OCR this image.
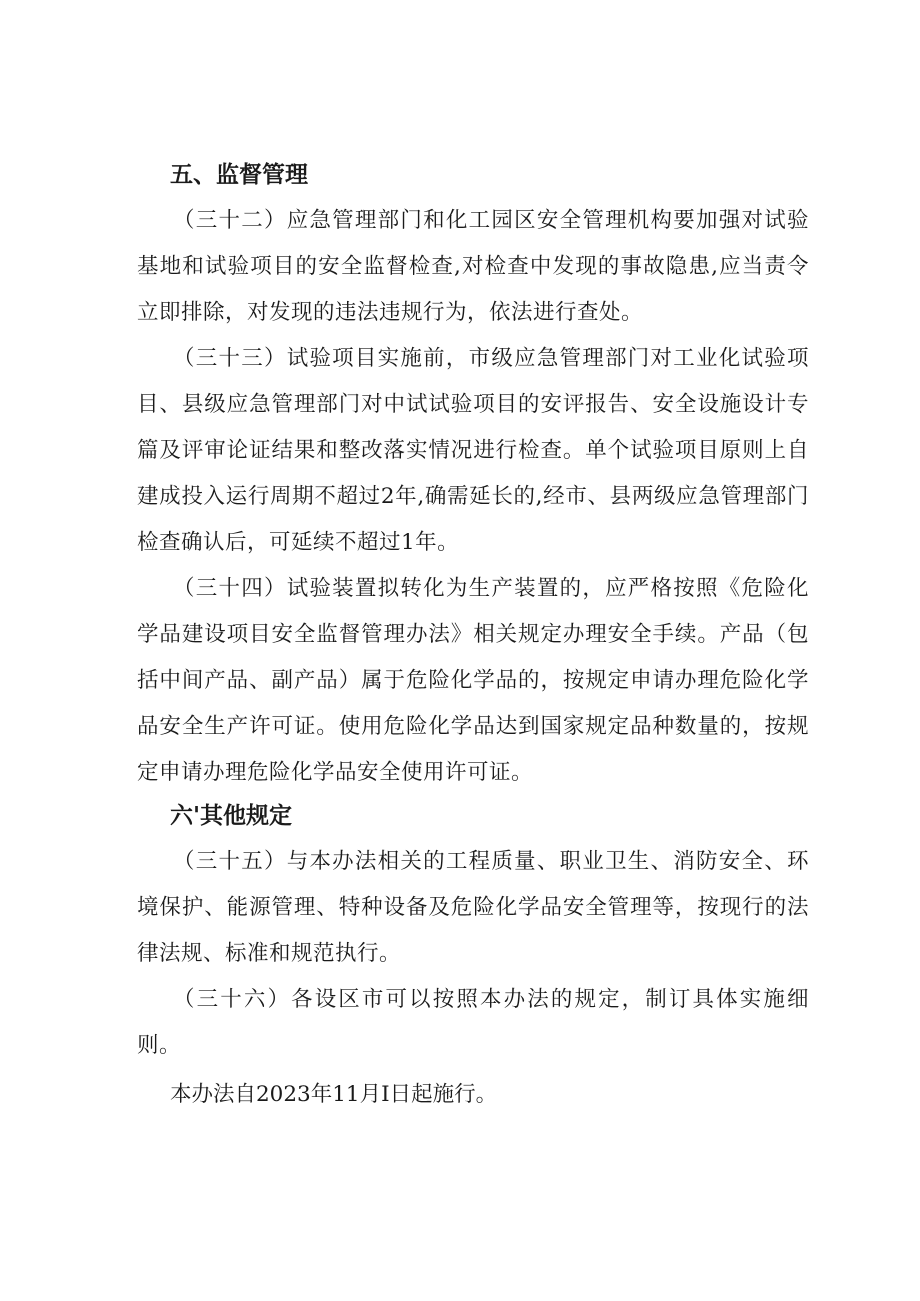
五、监督管理
（三十二）应急管理部门和化工园区安全管理机构要加强对试验基地和试验项目的安全监督检查,对检查中发现的事故隐患,应当责令立即排除，对发现的违法违规行为，依法进行查处。
（三十三）试验项目实施前，市级应急管理部门对工业化试验项目、县级应急管理部门对中试试验项目的安评报告、安全设施设计专篇及评审论证结果和整改落实情况进行检查。单个试验项目原则上自建成投入运行周期不超过2年,确需延长的,经市、县两级应急管理部门检查确认后，可延续不超过1年。
（三十四）试验装置拟转化为生产装置的，应严格按照《危险化学品建设项目安全监督管理办法》相关规定办理安全手续。产品（包括中间产品、副产品）属于危险化学品的，按规定申请办理危险化学品安全生产许可证。使用危险化学品达到国家规定品种数量的，按规定申请办理危险化学品安全使用许可证。
六'其他规定
（三十五）与本办法相关的工程质量、职业卫生、消防安全、环境保护、能源管理、特种设备及危险化学品安全管理等，按现行的法律法规、标准和规范执行。
（三十六）各设区市可以按照本办法的规定，制订具体实施细则。
本办法自2023年11月I日起施行。
